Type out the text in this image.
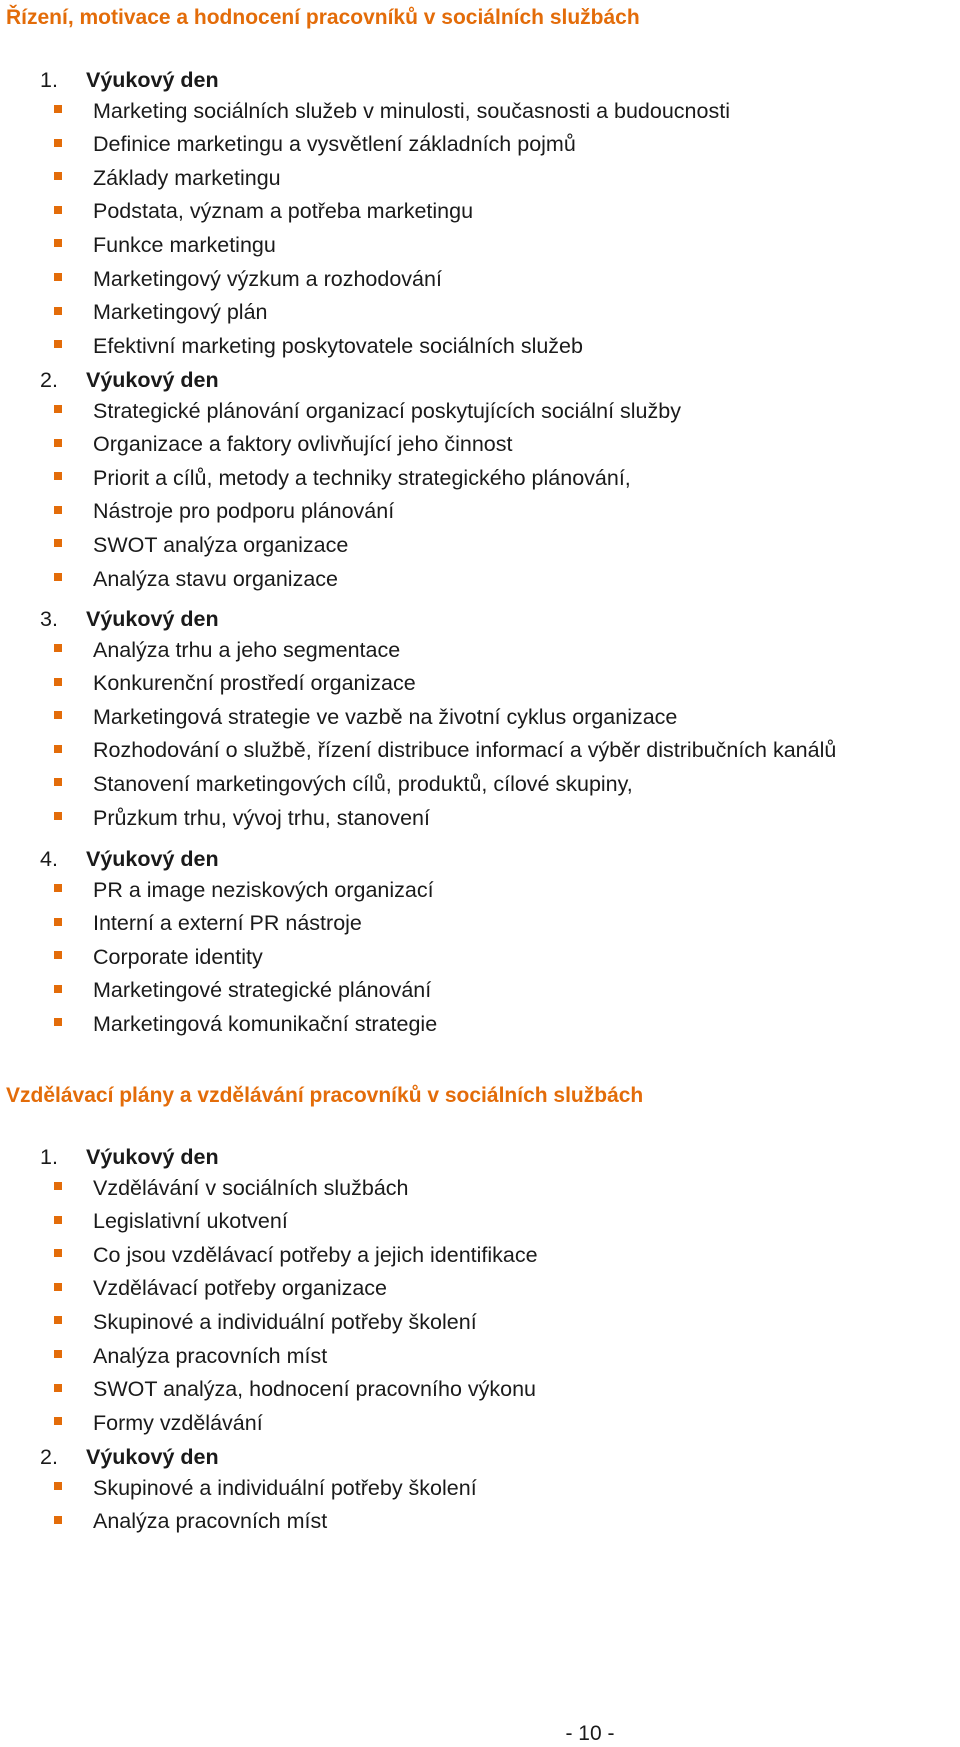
Řízení, motivace a hodnocení pracovníků v sociálních službách
1. Výukový den
Marketing sociálních služeb v minulosti, současnosti a budoucnosti
Definice marketingu a vysvětlení základních pojmů
Základy marketingu
Podstata, význam a potřeba marketingu
Funkce marketingu
Marketingový výzkum a rozhodování
Marketingový plán
Efektivní marketing poskytovatele sociálních služeb
2. Výukový den
Strategické plánování organizací poskytujících sociální služby
Organizace a faktory ovlivňující jeho činnost
Priorit a cílů, metody a techniky strategického plánování,
Nástroje pro podporu plánování
SWOT analýza organizace
Analýza stavu organizace
3. Výukový den
Analýza trhu a jeho segmentace
Konkurenční prostředí organizace
Marketingová strategie ve vazbě na životní cyklus organizace
Rozhodování o službě, řízení distribuce informací a výběr distribučních kanálů
Stanovení marketingových cílů, produktů, cílové skupiny,
Průzkum trhu, vývoj trhu, stanovení
4. Výukový den
PR a image neziskových organizací
Interní a externí PR nástroje
Corporate identity
Marketingové strategické plánování
Marketingová komunikační strategie
Vzdělávací plány a vzdělávání pracovníků v sociálních službách
1. Výukový den
Vzdělávání v sociálních službách
Legislativní ukotvení
Co jsou vzdělávací potřeby a jejich identifikace
Vzdělávací potřeby organizace
Skupinové a individuální potřeby školení
Analýza pracovních míst
SWOT analýza, hodnocení pracovního výkonu
Formy vzdělávání
2. Výukový den
Skupinové a individuální potřeby školení
Analýza pracovních míst
- 10 -
